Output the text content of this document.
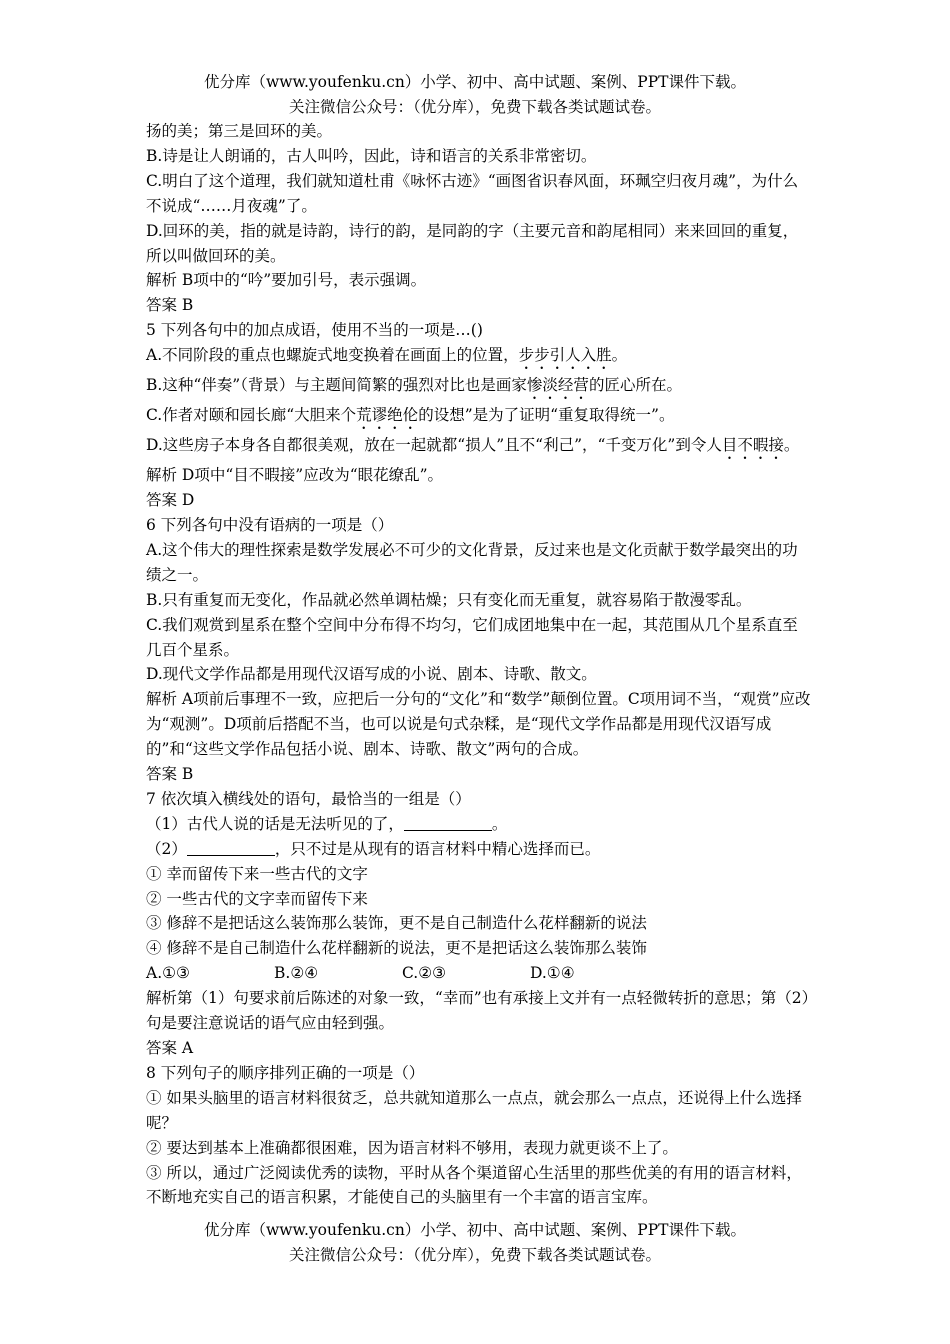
优分库（www.youfenku.cn）小学、初中、高中试题、案例、PPT课件下载。
关注微信公众号：（优分库），免费下载各类试题试卷。

扬的美；第三是回环的美。

B.诗是让人朗诵的，古人叫吟，因此，诗和语言的关系非常密切。

C.明白了这个道理，我们就知道杜甫《咏怀古迹》“画图省识春风面，环珮空归夜月魂”，为什么不说成“……月夜魂”了。

D.回环的美，指的就是诗韵，诗行的韵，是同韵的字（主要元音和韵尾相同）来来回回的重复，所以叫做回环的美。

解析 B项中的“吟”要加引号，表示强调。

答案 B

5 下列各句中的加点成语，使用不当的一项是…()

A.不同阶段的重点也螺旋式地变换着在画面上的位置，步步引人入胜。

B.这种“伴奏”（背景）与主题间简繁的强烈对比也是画家惨淡经营的匠心所在。

C.作者对颐和园长廊“大胆来个荒谬绝伦的设想”是为了证明“重复取得统一”。

D.这些房子本身各自都很美观，放在一起就都“损人”且不“利己”，“千变万化”到令人目不暇接。

解析 D项中“目不暇接”应改为“眼花缭乱”。

答案 D

6 下列各句中没有语病的一项是（）

A.这个伟大的理性探索是数学发展必不可少的文化背景，反过来也是文化贡献于数学最突出的功绩之一。

B.只有重复而无变化，作品就必然单调枯燥；只有变化而无重复，就容易陷于散漫零乱。

C.我们观赏到星系在整个空间中分布得不均匀，它们成团地集中在一起，其范围从几个星系直至几百个星系。

D.现代文学作品都是用现代汉语写成的小说、剧本、诗歌、散文。

解析 A项前后事理不一致，应把后一分句的“文化”和“数学”颠倒位置。C项用词不当，“观赏”应改为“观测”。D项前后搭配不当，也可以说是句式杂糅，是“现代文学作品都是用现代汉语写成的”和“这些文学作品包括小说、剧本、诗歌、散文”两句的合成。

答案 B

7 依次填入横线处的语句，最恰当的一组是（）

（1）古代人说的话是无法听见的了，	。

（2）	，只不过是从现有的语言材料中精心选择而已。

① 幸而留传下来一些古代的文字

② 一些古代的文字幸而留传下来

③ 修辞不是把话这么装饰那么装饰，更不是自己制造什么花样翻新的说法

④ 修辞不是自己制造什么花样翻新的说法，更不是把话这么装饰那么装饰

A.①③	B.②④	C.②③	D.①④

解析第（1）句要求前后陈述的对象一致，“幸而”也有承接上文并有一点轻微转折的意思；第（2）句是要注意说话的语气应由轻到强。

答案 A

8 下列句子的顺序排列正确的一项是（）

① 如果头脑里的语言材料很贫乏，总共就知道那么一点点，就会那么一点点，还说得上什么选择呢？

② 要达到基本上准确都很困难，因为语言材料不够用，表现力就更谈不上了。

③ 所以，通过广泛阅读优秀的读物，平时从各个渠道留心生活里的那些优美的有用的语言材料，不断地充实自己的语言积累，才能使自己的头脑里有一个丰富的语言宝库。

优分库（www.youfenku.cn）小学、初中、高中试题、案例、PPT课件下载。
关注微信公众号：（优分库），免费下载各类试题试卷。
